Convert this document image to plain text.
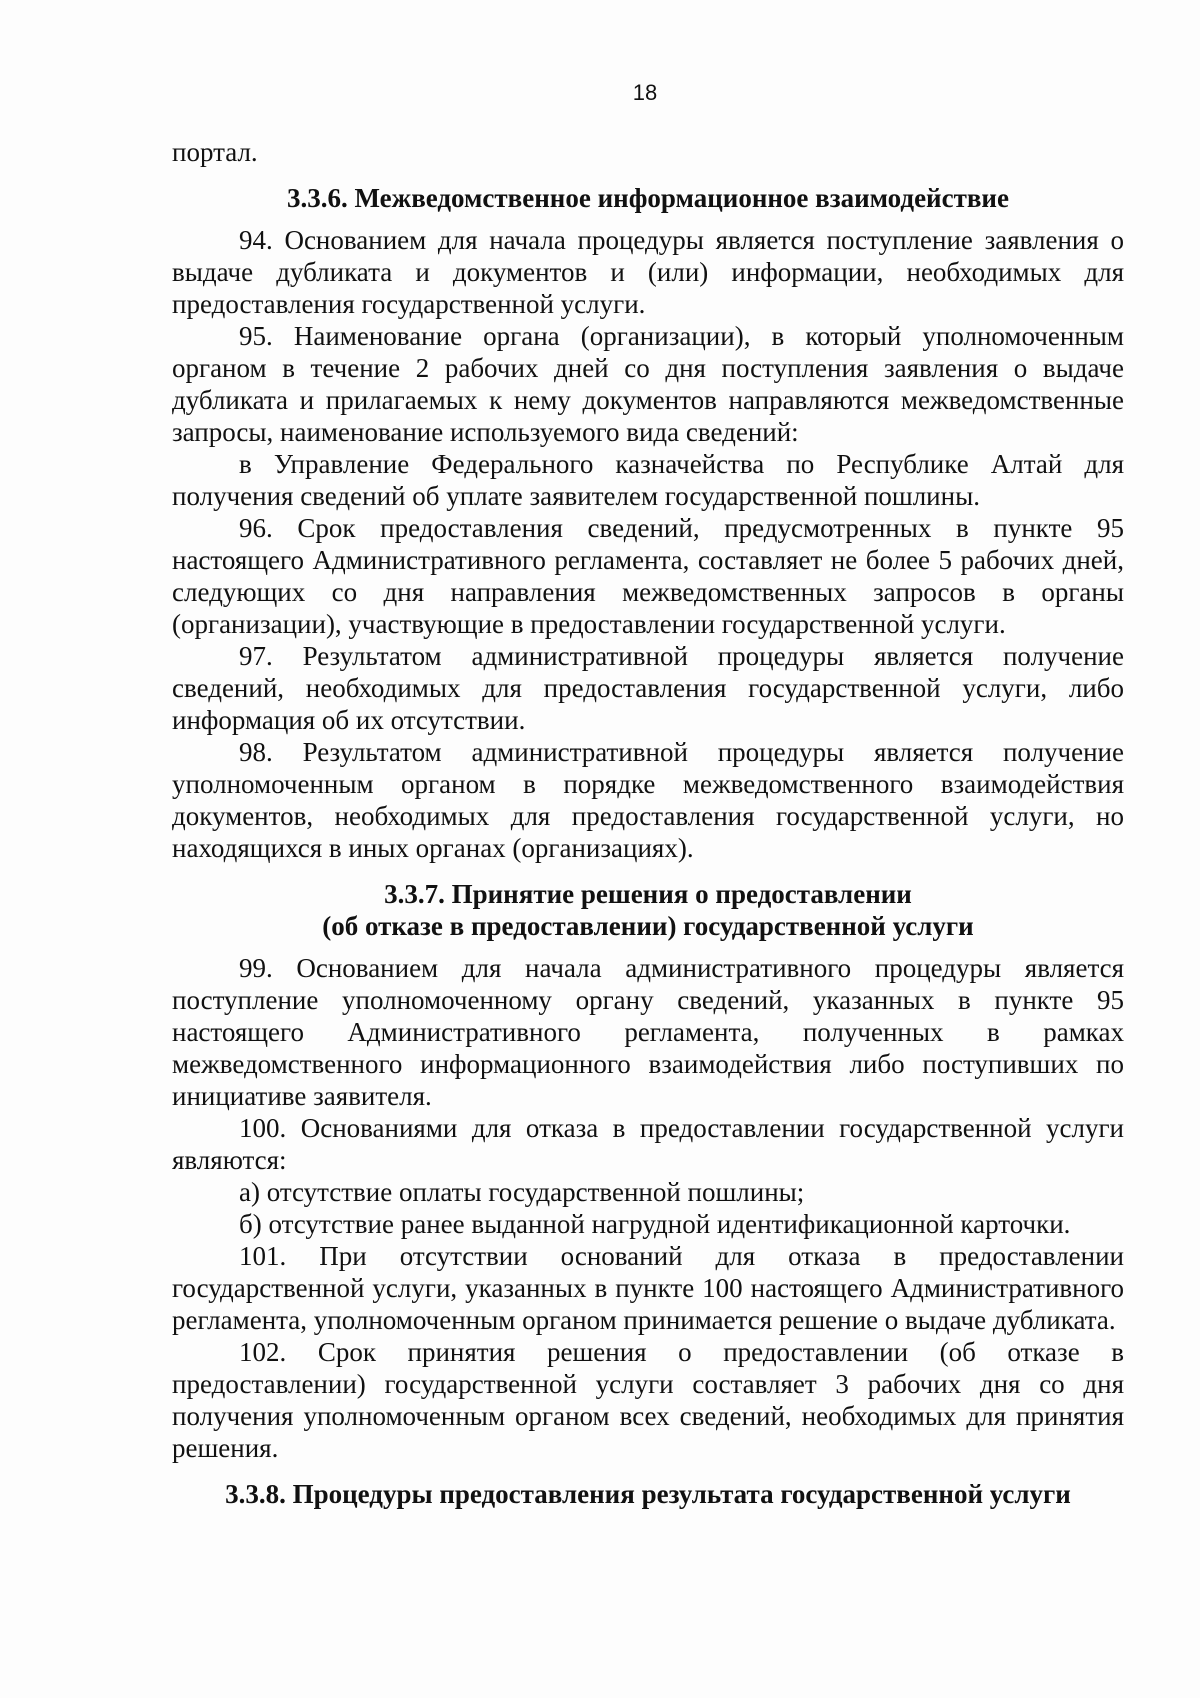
18

портал.

3.3.6. Межведомственное информационное взаимодействие

94. Основанием для начала процедуры является поступление заявления о выдаче дубликата и документов и (или) информации, необходимых для предоставления государственной услуги.

95. Наименование органа (организации), в который уполномоченным органом в течение 2 рабочих дней со дня поступления заявления о выдаче дубликата и прилагаемых к нему документов направляются межведомственные запросы, наименование используемого вида сведений:

в Управление Федерального казначейства по Республике Алтай для получения сведений об уплате заявителем государственной пошлины.

96. Срок предоставления сведений, предусмотренных в пункте 95 настоящего Административного регламента, составляет не более 5 рабочих дней, следующих со дня направления межведомственных запросов в органы (организации), участвующие в предоставлении государственной услуги.

97. Результатом административной процедуры является получение сведений, необходимых для предоставления государственной услуги, либо информация об их отсутствии.

98. Результатом административной процедуры является получение уполномоченным органом в порядке межведомственного взаимодействия документов, необходимых для предоставления государственной услуги, но находящихся в иных органах (организациях).

3.3.7. Принятие решения о предоставлении
(об отказе в предоставлении) государственной услуги

99. Основанием для начала административного процедуры является поступление уполномоченному органу сведений, указанных в пункте 95 настоящего Административного регламента, полученных в рамках межведомственного информационного взаимодействия либо поступивших по инициативе заявителя.

100. Основаниями для отказа в предоставлении государственной услуги являются:

а) отсутствие оплаты государственной пошлины;

б) отсутствие ранее выданной нагрудной идентификационной карточки.

101. При отсутствии оснований для отказа в предоставлении государственной услуги, указанных в пункте 100 настоящего Административного регламента, уполномоченным органом принимается решение о выдаче дубликата.

102. Срок принятия решения о предоставлении (об отказе в предоставлении) государственной услуги составляет 3 рабочих дня со дня получения уполномоченным органом всех сведений, необходимых для принятия решения.

3.3.8. Процедуры предоставления результата государственной услуги
